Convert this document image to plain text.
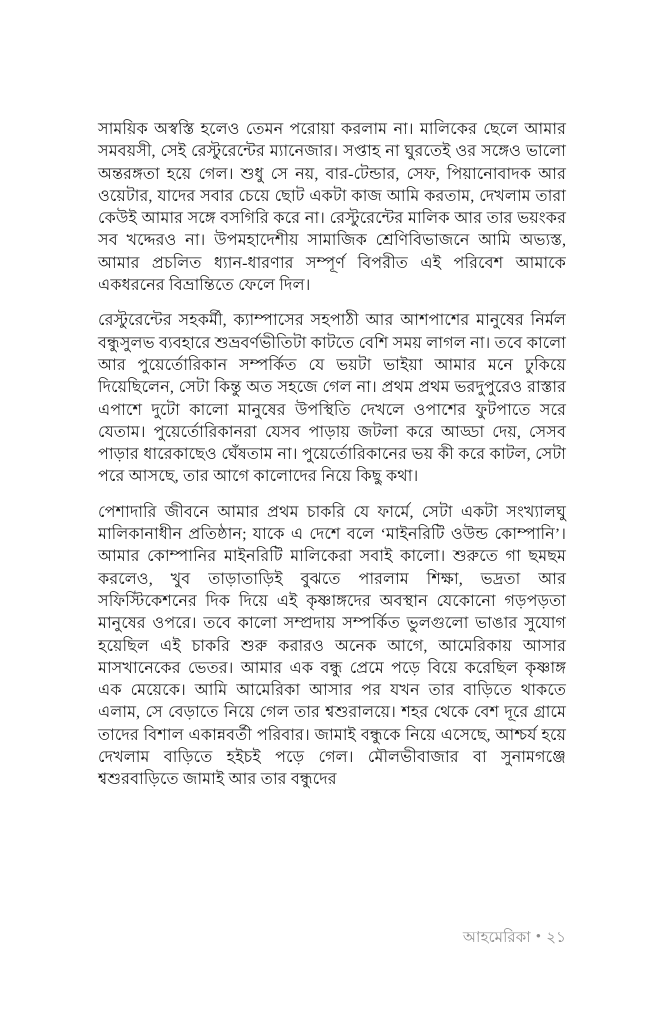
সাময়িক অস্বস্তি হলেও তেমন পরোয়া করলাম না। মালিকের ছেলে আমার সমবয়সী, সেই রেস্টুরেন্টের ম্যানেজার। সপ্তাহ না ঘুরতেই ওর সঙ্গেও ভালো অন্তরঙ্গতা হয়ে গেল। শুধু সে নয়, বার-টেন্ডার, সেফ, পিয়ানোবাদক আর ওয়েটার, যাদের সবার চেয়ে ছোট একটা কাজ আমি করতাম, দেখলাম তারা কেউই আমার সঙ্গে বসগিরি করে না। রেস্টুরেন্টের মালিক আর তার ভয়ংকর সব খদ্দেরও না। উপমহাদেশীয় সামাজিক শ্রেণিবিভাজনে আমি অভ্যস্ত, আমার প্রচলিত ধ্যান-ধারণার সম্পূর্ণ বিপরীত এই পরিবেশ আমাকে একধরনের বিভ্রান্তিতে ফেলে দিল।

রেস্টুরেন্টের সহকর্মী, ক্যাম্পাসের সহপাঠী আর আশপাশের মানুষের নির্মল বন্ধুসুলভ ব্যবহারে শুভ্রবর্ণভীতিটা কাটতে বেশি সময় লাগল না। তবে কালো আর পুয়ের্তোরিকান সম্পর্কিত যে ভয়টা ভাইয়া আমার মনে ঢুকিয়ে দিয়েছিলেন, সেটা কিন্তু অত সহজে গেল না। প্রথম প্রথম ভরদুপুরেও রাস্তার এপাশে দুটো কালো মানুষের উপস্থিতি দেখলে ওপাশের ফুটপাতে সরে যেতাম। পুয়ের্তোরিকানরা যেসব পাড়ায় জটলা করে আড্ডা দেয়, সেসব পাড়ার ধারেকাছেও ঘেঁষতাম না। পুয়ের্তোরিকানের ভয় কী করে কাটল, সেটা পরে আসছে, তার আগে কালোদের নিয়ে কিছু কথা।

পেশাদারি জীবনে আমার প্রথম চাকরি যে ফার্মে, সেটা একটা সংখ্যালঘু মালিকানাধীন প্রতিষ্ঠান; যাকে এ দেশে বলে ‘মাইনরিটি ওউন্ড কোম্পানি’। আমার কোম্পানির মাইনরিটি মালিকেরা সবাই কালো। শুরুতে গা ছমছম করলেও, খুব তাড়াতাড়িই বুঝতে পারলাম শিক্ষা, ভদ্রতা আর সফিস্টিকেশনের দিক দিয়ে এই কৃষ্ণাঙ্গদের অবস্থান যেকোনো গড়পড়তা মানুষের ওপরে। তবে কালো সম্প্রদায় সম্পর্কিত ভুলগুলো ভাঙার সুযোগ হয়েছিল এই চাকরি শুরু করারও অনেক আগে, আমেরিকায় আসার মাসখানেকের ভেতর। আমার এক বন্ধু প্রেমে পড়ে বিয়ে করেছিল কৃষ্ণাঙ্গ এক মেয়েকে। আমি আমেরিকা আসার পর যখন তার বাড়িতে থাকতে এলাম, সে বেড়াতে নিয়ে গেল তার শ্বশুরালয়ে। শহর থেকে বেশ দূরে গ্রামে তাদের বিশাল একান্নবর্তী পরিবার। জামাই বন্ধুকে নিয়ে এসেছে, আশ্চর্য হয়ে দেখলাম বাড়িতে হইচই পড়ে গেল। মৌলভীবাজার বা সুনামগঞ্জে শ্বশুরবাড়িতে জামাই আর তার বন্ধুদের

আহমেরিকা • ২১
